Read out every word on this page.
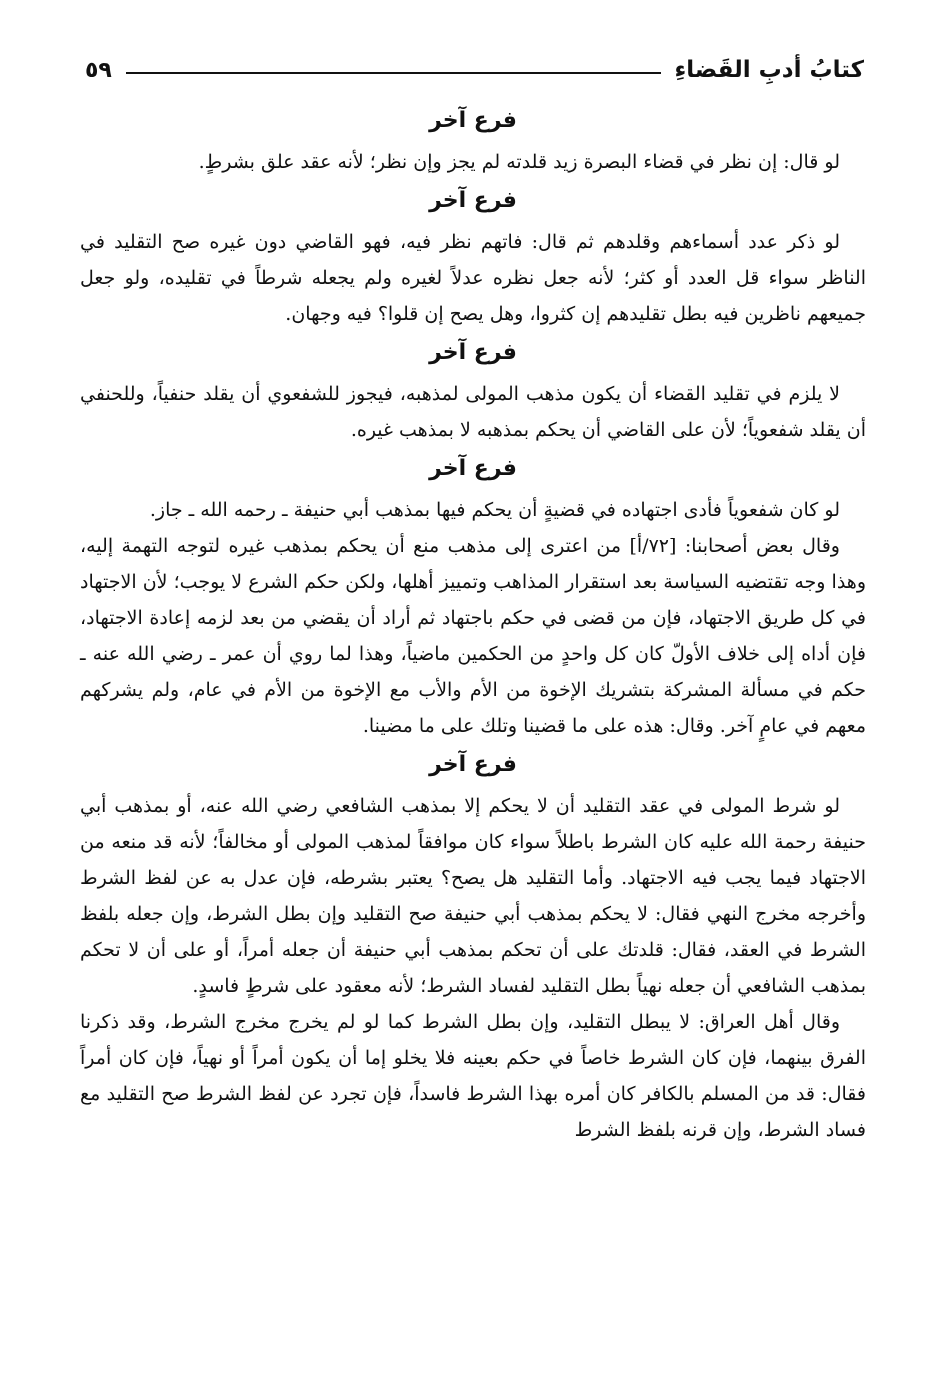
كتابُ أدبِ القَضاءِ
٥٩
فرع آخر

لو قال: إن نظر في قضاء البصرة زيد قلدته لم يجز وإن نظر؛ لأنه عقد علق بشرطٍ.

فرع آخر

لو ذكر عدد أسماءهم وقلدهم ثم قال: فاتهم نظر فيه، فهو القاضي دون غيره صح التقليد في الناظر سواء قل العدد أو كثر؛ لأنه جعل نظره عدلاً لغيره ولم يجعله شرطاً في تقليده، ولو جعل جميعهم ناظرين فيه بطل تقليدهم إن كثروا، وهل يصح إن قلوا؟ فيه وجهان.

فرع آخر

لا يلزم في تقليد القضاء أن يكون مذهب المولى لمذهبه، فيجوز للشفعوي أن يقلد حنفياً، وللحنفي أن يقلد شفعوياً؛ لأن على القاضي أن يحكم بمذهبه لا بمذهب غيره.

فرع آخر

لو كان شفعوياً فأدى اجتهاده في قضيةٍ أن يحكم فيها بمذهب أبي حنيفة ـ رحمه الله ـ جاز.

وقال بعض أصحابنا: [٧٢/أ] من اعترى إلى مذهب منع أن يحكم بمذهب غيره لتوجه التهمة إليه، وهذا وجه تقتضيه السياسة بعد استقرار المذاهب وتمييز أهلها، ولكن حكم الشرع لا يوجب؛ لأن الاجتهاد في كل طريق الاجتهاد، فإن من قضى في حكم باجتهاد ثم أراد أن يقضي من بعد لزمه إعادة الاجتهاد، فإن أداه إلى خلاف الأولّ كان كل واحدٍ من الحكمين ماضياً، وهذا لما روي أن عمر ـ رضي الله عنه ـ حكم في مسألة المشركة بتشريك الإخوة من الأم والأب مع الإخوة من الأم في عام، ولم يشركهم معهم في عامٍ آخر. وقال: هذه على ما قضينا وتلك على ما مضينا.

فرع آخر

لو شرط المولى في عقد التقليد أن لا يحكم إلا بمذهب الشافعي رضي الله عنه، أو بمذهب أبي حنيفة رحمة الله عليه كان الشرط باطلاً سواء كان موافقاً لمذهب المولى أو مخالفاً؛ لأنه قد منعه من الاجتهاد فيما يجب فيه الاجتهاد. وأما التقليد هل يصح؟ يعتبر بشرطه، فإن عدل به عن لفظ الشرط وأخرجه مخرج النهي فقال: لا يحكم بمذهب أبي حنيفة صح التقليد وإن بطل الشرط، وإن جعله بلفظ الشرط في العقد، فقال: قلدتك على أن تحكم بمذهب أبي حنيفة أن جعله أمراً، أو على أن لا تحكم بمذهب الشافعي أن جعله نهياً بطل التقليد لفساد الشرط؛ لأنه معقود على شرطٍ فاسدٍ.

وقال أهل العراق: لا يبطل التقليد، وإن بطل الشرط كما لو لم يخرج مخرج الشرط، وقد ذكرنا الفرق بينهما، فإن كان الشرط خاصاً في حكم بعينه فلا يخلو إما أن يكون أمراً أو نهياً، فإن كان أمراً فقال: قد من المسلم بالكافر كان أمره بهذا الشرط فاسداً، فإن تجرد عن لفظ الشرط صح التقليد مع فساد الشرط، وإن قرنه بلفظ الشرط
